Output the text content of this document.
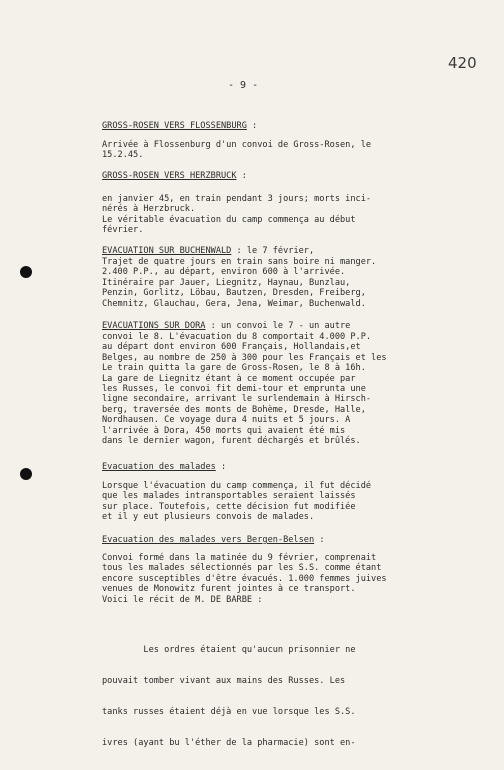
420
- 9 -
GROSS-ROSEN VERS FLOSSENBURG :
Arrivée à Flossenburg d'un convoi de Gross-Rosen, le
15.2.45.
GROSS-ROSEN VERS HERZBRUCK :
en janvier 45, en train pendant 3 jours; morts inci-
nérés à Herzbruck.
Le véritable évacuation du camp commença au début
février.
EVACUATION SUR BUCHENWALD : le 7 février,
Trajet de quatre jours en train sans boire ni manger.
2.400 P.P., au départ, environ 600 à l'arrivée.
Itinéraire par Jauer, Liegnitz, Haynau, Bunzlau,
Penzin, Gorlitz, Löbau, Bautzen, Dresden, Freiberg,
Chemnitz, Glauchau, Gera, Jena, Weimar, Buchenwald.
EVACUATIONS SUR DORA : un convoi le 7 - un autre
convoi le 8. L'évacuation du 8 comportait 4.000 P.P.
au départ dont environ 600 Français, Hollandais,et
Belges, au nombre de 250 à 300 pour les Français et les
Le train quitta la gare de Gross-Rosen, le 8 à 16h.
La gare de Liegnitz étant à ce moment occupée par
les Russes, le convoi fit demi-tour et emprunta une
ligne secondaire, arrivant le surlendemain à Hirsch-
berg, traversée des monts de Bohème, Dresde, Halle,
Nordhausen. Ce voyage dura 4 nuits et 5 jours. A
l'arrivée à Dora, 450 morts qui avaient été mis
dans le dernier wagon, furent déchargés et brûlés.
Evacuation des malades :
Lorsque l'évacuation du camp commença, il fut décidé
que les malades intransportables seraient laissés
sur place. Toutefois, cette décision fut modifiée
et il y eut plusieurs convois de malades.
Evacuation des malades vers Bergen-Belsen :
Convoi formé dans la matinée du 9 février, comprenait
tous les malades sélectionnés par les S.S. comme étant
encore susceptibles d'être évacués. 1.000 femmes juives
venues de Monowitz furent jointes à ce transport.
Voici le récit de M. DE BARBE :

Les ordres étaient qu'aucun prisonnier ne

pouvait tomber vivant aux mains des Russes. Les

tanks russes étaient déjà en vue lorsque les S.S.

ivres (ayant bu l'éther de la pharmacie) sont en-
